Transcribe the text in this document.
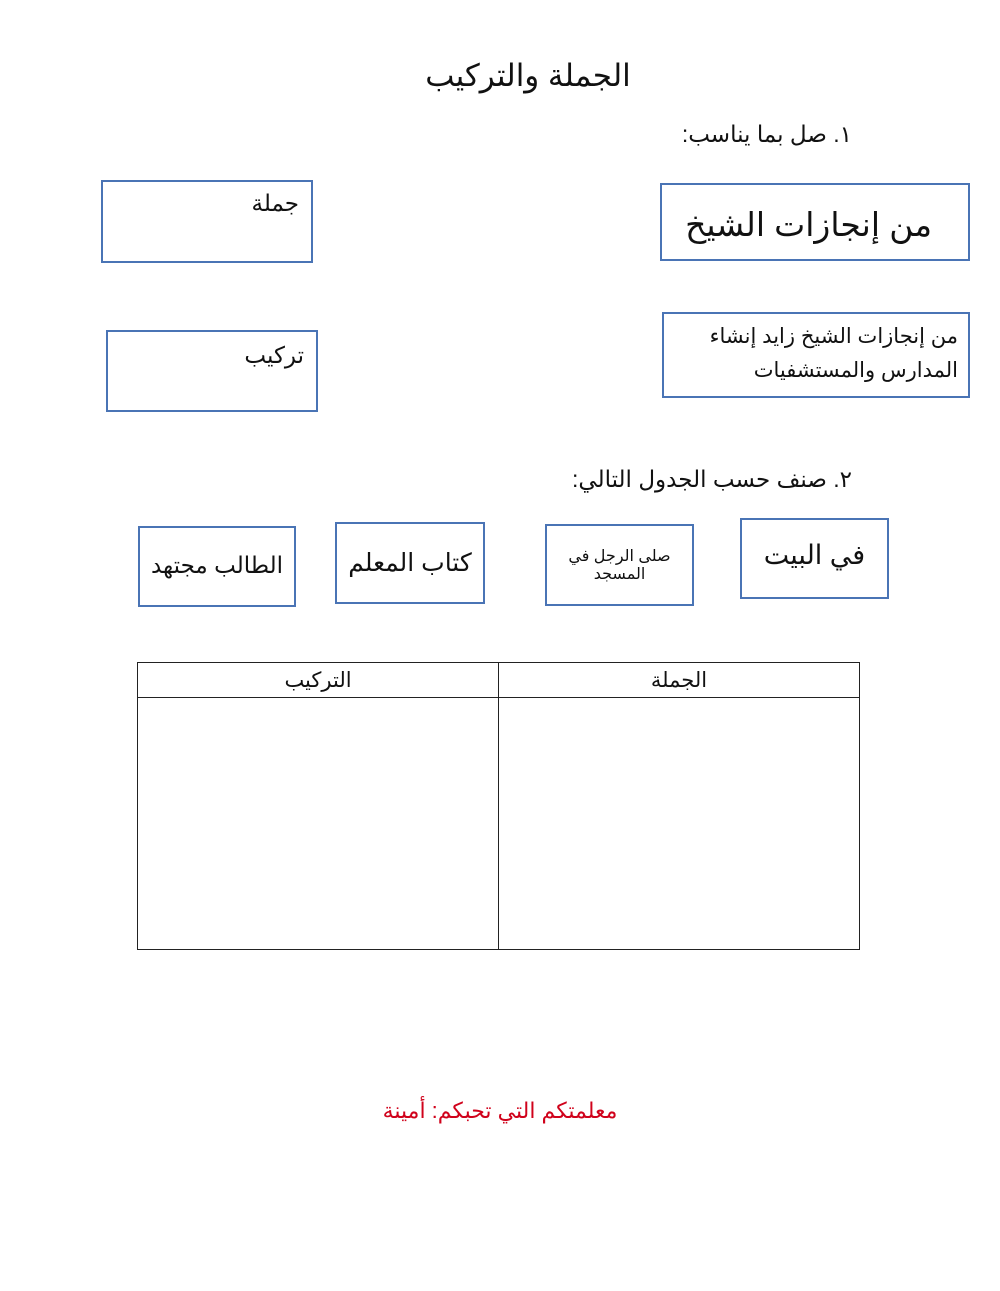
الجملة والتركيب
١. صل بما يناسب:
جملة
تركيب
من إنجازات الشيخ
من إنجازات الشيخ زايد إنشاء المدارس والمستشفيات
٢. صنف حسب الجدول التالي:
في البيت
صلى الرجل في المسجد
كتاب المعلم
الطالب مجتهد
التركيب	الجملة

معلمتكم التي تحبكم: أمينة
